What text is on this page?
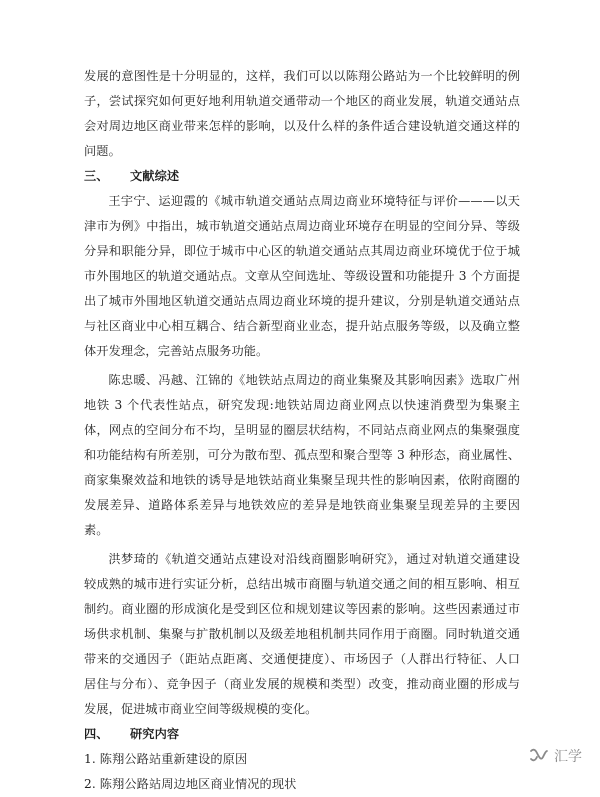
发展的意图性是十分明显的，这样，我们可以以陈翔公路站为一个比较鲜明的例子，尝试探究如何更好地利用轨道交通带动一个地区的商业发展，轨道交通站点会对周边地区商业带来怎样的影响，以及什么样的条件适合建设轨道交通这样的问题。

三、 文献综述

王宇宁、运迎霞的《城市轨道交通站点周边商业环境特征与评价———以天津市为例》中指出，城市轨道交通站点周边商业环境存在明显的空间分异、等级分异和职能分异，即位于城市中心区的轨道交通站点其周边商业环境优于位于城市外围地区的轨道交通站点。文章从空间选址、等级设置和功能提升 3 个方面提出了城市外围地区轨道交通站点周边商业环境的提升建议，分别是轨道交通站点与社区商业中心相互耦合、结合新型商业业态，提升站点服务等级，以及确立整体开发理念，完善站点服务功能。

陈忠暖、冯越、江锦的《地铁站点周边的商业集聚及其影响因素》选取广州地铁 3 个代表性站点，研究发现:地铁站周边商业网点以快速消费型为集聚主体，网点的空间分布不均，呈明显的圈层状结构，不同站点商业网点的集聚强度和功能结构有所差别，可分为散布型、孤点型和聚合型等 3 种形态，商业属性、商家集聚效益和地铁的诱导是地铁站商业集聚呈现共性的影响因素，依附商圈的发展差异、道路体系差异与地铁效应的差异是地铁商业集聚呈现差异的主要因素。

洪梦琦的《轨道交通站点建设对沿线商圈影响研究》，通过对轨道交通建设较成熟的城市进行实证分析，总结出城市商圈与轨道交通之间的相互影响、相互制约。商业圈的形成演化是受到区位和规划建议等因素的影响。这些因素通过市场供求机制、集聚与扩散机制以及级差地租机制共同作用于商圈。同时轨道交通带来的交通因子（距站点距离、交通便捷度）、市场因子（人群出行特征、人口居住与分布）、竞争因子（商业发展的规模和类型）改变，推动商业圈的形成与发展，促进城市商业空间等级规模的变化。

四、 研究内容

1. 陈翔公路站重新建设的原因

2. 陈翔公路站周边地区商业情况的现状

汇学
